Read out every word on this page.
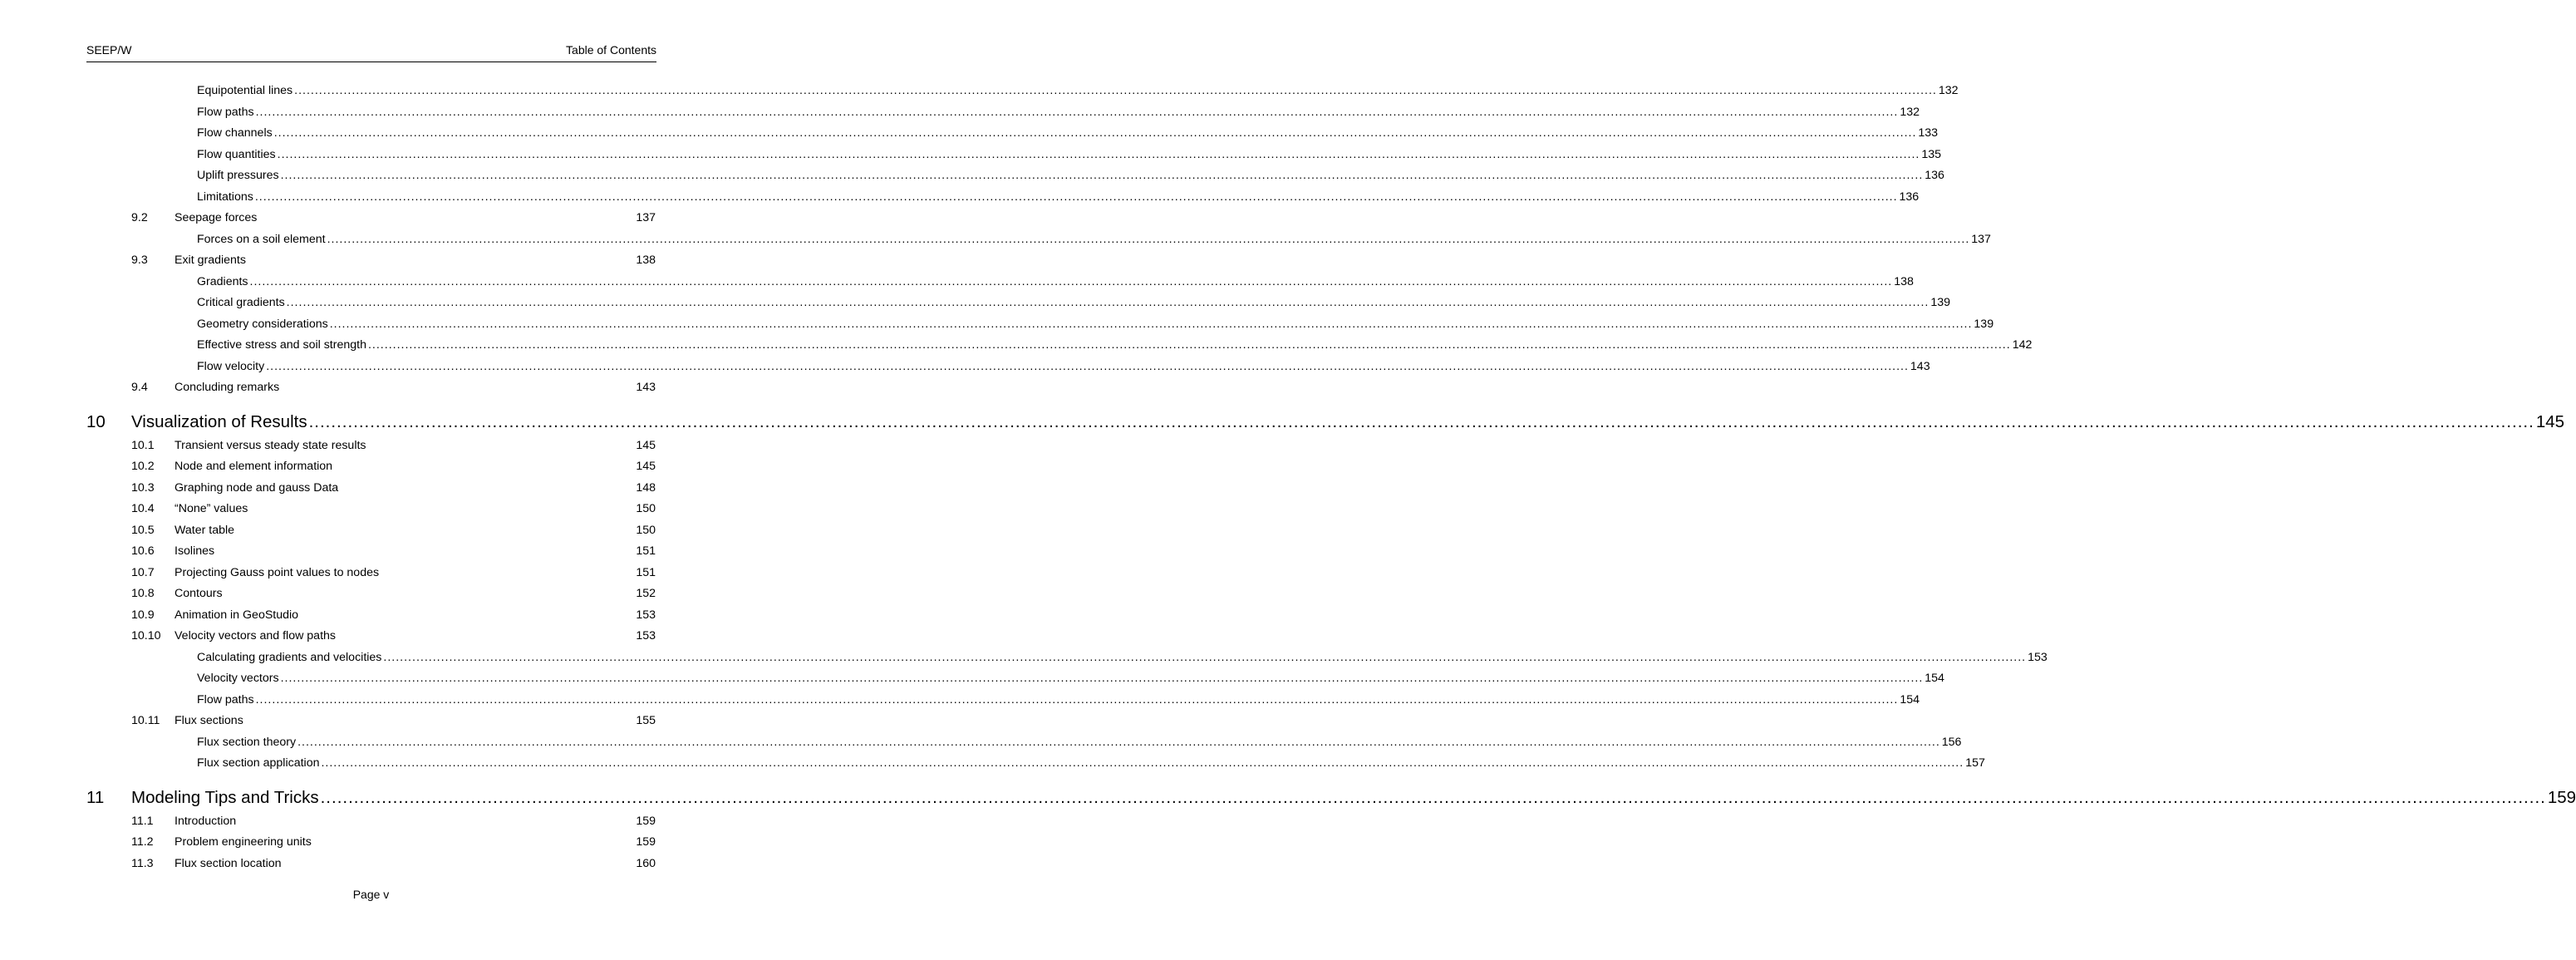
SEEP/W	Table of Contents
Equipotential lines ................................................................................................................................................................................................................................................................................................................................................................................................................ 132
Flow paths ................................................................................................................................................................................................................................................................................................................................................................................................................ 132
Flow channels ................................................................................................................................................................................................................................................................................................................................................................................................................ 133
Flow quantities ................................................................................................................................................................................................................................................................................................................................................................................................................ 135
Uplift pressures ................................................................................................................................................................................................................................................................................................................................................................................................................ 136
Limitations ................................................................................................................................................................................................................................................................................................................................................................................................................ 136
9.2 Seepage forces	137
Forces on a soil element ................................................................................................................................................................................................................................................................................................................................................................................................................ 137
9.3 Exit gradients	138
Gradients ................................................................................................................................................................................................................................................................................................................................................................................................................ 138
Critical gradients ................................................................................................................................................................................................................................................................................................................................................................................................................ 139
Geometry considerations ................................................................................................................................................................................................................................................................................................................................................................................................................ 139
Effective stress and soil strength ................................................................................................................................................................................................................................................................................................................................................................................................................ 142
Flow velocity ................................................................................................................................................................................................................................................................................................................................................................................................................ 143
9.4 Concluding remarks	143
10 Visualization of Results ................................................................................................................................................................................................................................................................................................................................................................................................................ 145
10.1 Transient versus steady state results	145
10.2 Node and element information	145
10.3 Graphing node and gauss Data	148
10.4 “None” values	150
10.5 Water table	150
10.6 Isolines	151
10.7 Projecting Gauss point values to nodes	151
10.8 Contours	152
10.9 Animation in GeoStudio	153
10.10 Velocity vectors and flow paths	153
Calculating gradients and velocities ................................................................................................................................................................................................................................................................................................................................................................................................................ 153
Velocity vectors ................................................................................................................................................................................................................................................................................................................................................................................................................ 154
Flow paths ................................................................................................................................................................................................................................................................................................................................................................................................................ 154
10.11 Flux sections	155
Flux section theory ................................................................................................................................................................................................................................................................................................................................................................................................................ 156
Flux section application ................................................................................................................................................................................................................................................................................................................................................................................................................ 157
11 Modeling Tips and Tricks ................................................................................................................................................................................................................................................................................................................................................................................................................ 159
11.1 Introduction	159
11.2 Problem engineering units	159
11.3 Flux section location	160
Page v
